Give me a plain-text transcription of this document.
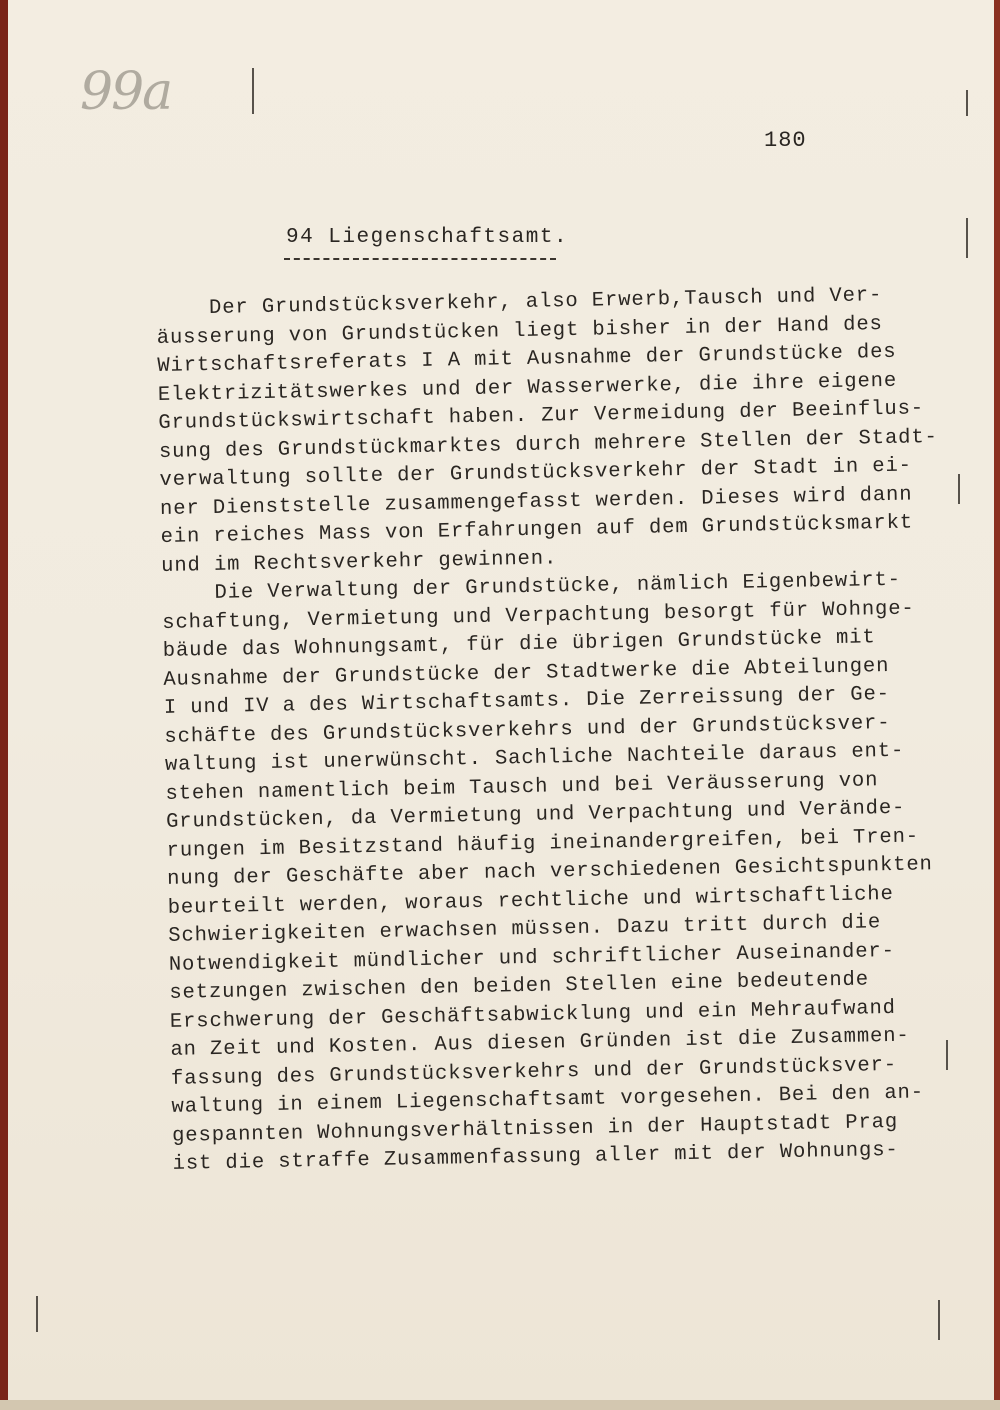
99a
180
94 Liegenschaftsamt.
Der Grundstücksverkehr, also Erwerb,Tausch und Ver-
äusserung von Grundstücken liegt bisher in der Hand des
Wirtschaftsreferats I A mit Ausnahme der Grundstücke des
Elektrizitätswerkes und der Wasserwerke, die ihre eigene
Grundstückswirtschaft haben. Zur Vermeidung der Beeinflus-
sung des Grundstückmarktes durch mehrere Stellen der Stadt-
verwaltung sollte der Grundstücksverkehr der Stadt in ei-
ner Dienststelle zusammengefasst werden. Dieses wird dann
ein reiches Mass von Erfahrungen auf dem Grundstücksmarkt
und im Rechtsverkehr gewinnen.
Die Verwaltung der Grundstücke, nämlich Eigenbewirt-
schaftung, Vermietung und Verpachtung besorgt für Wohnge-
bäude das Wohnungsamt, für die übrigen Grundstücke mit
Ausnahme der Grundstücke der Stadtwerke die Abteilungen
I und IV a des Wirtschaftsamts. Die Zerreissung der Ge-
schäfte des Grundstücksverkehrs und der Grundstücksver-
waltung ist unerwünscht. Sachliche Nachteile daraus ent-
stehen namentlich beim Tausch und bei Veräusserung von
Grundstücken, da Vermietung und Verpachtung und Verände-
rungen im Besitzstand häufig ineinandergreifen, bei Tren-
nung der Geschäfte aber nach verschiedenen Gesichtspunkten
beurteilt werden, woraus rechtliche und wirtschaftliche
Schwierigkeiten erwachsen müssen. Dazu tritt durch die
Notwendigkeit mündlicher und schriftlicher Auseinander-
setzungen zwischen den beiden Stellen eine bedeutende
Erschwerung der Geschäftsabwicklung und ein Mehraufwand
an Zeit und Kosten. Aus diesen Gründen ist die Zusammen-
fassung des Grundstücksverkehrs und der Grundstücksver-
waltung in einem Liegenschaftsamt vorgesehen. Bei den an-
gespannten Wohnungsverhältnissen in der Hauptstadt Prag
ist die straffe Zusammenfassung aller mit der Wohnungs-
